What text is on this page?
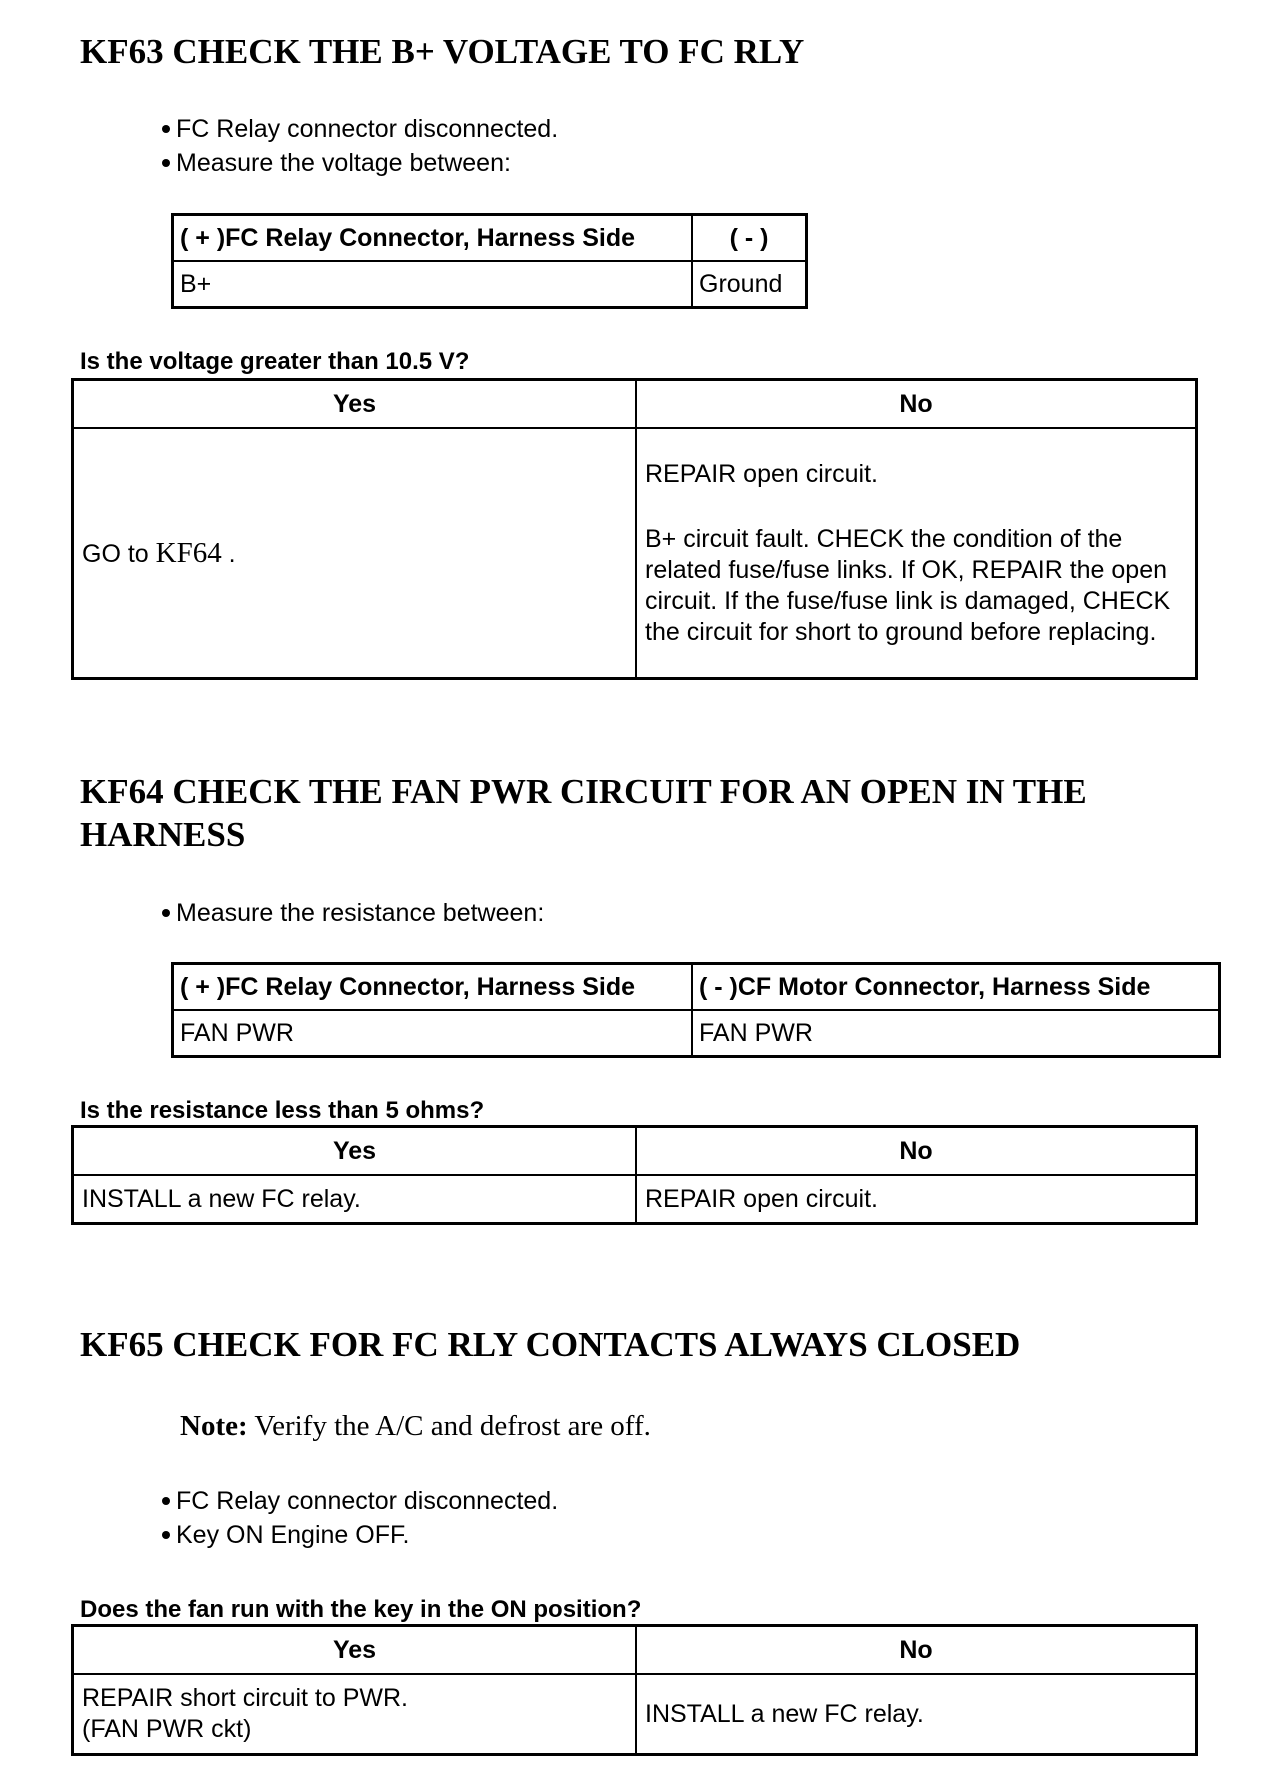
KF63 CHECK THE B+ VOLTAGE TO FC RLY
FC Relay connector disconnected.
Measure the voltage between:
( + )FC Relay Connector, Harness Side	( - )
B+	Ground
Is the voltage greater than 10.5 V?
Yes	No
GO to KF64 .	REPAIR open circuit.
B+ circuit fault. CHECK the condition of the related fuse/fuse links. If OK, REPAIR the open circuit. If the fuse/fuse link is damaged, CHECK the circuit for short to ground before replacing.
KF64 CHECK THE FAN PWR CIRCUIT FOR AN OPEN IN THE HARNESS
Measure the resistance between:
( + )FC Relay Connector, Harness Side	( - )CF Motor Connector, Harness Side
FAN PWR	FAN PWR
Is the resistance less than 5 ohms?
Yes	No
INSTALL a new FC relay.	REPAIR open circuit.
KF65 CHECK FOR FC RLY CONTACTS ALWAYS CLOSED
Note: Verify the A/C and defrost are off.
FC Relay connector disconnected.
Key ON Engine OFF.
Does the fan run with the key in the ON position?
Yes	No

REPAIR short circuit to PWR.
(FAN PWR ckt)	INSTALL a new FC relay.
